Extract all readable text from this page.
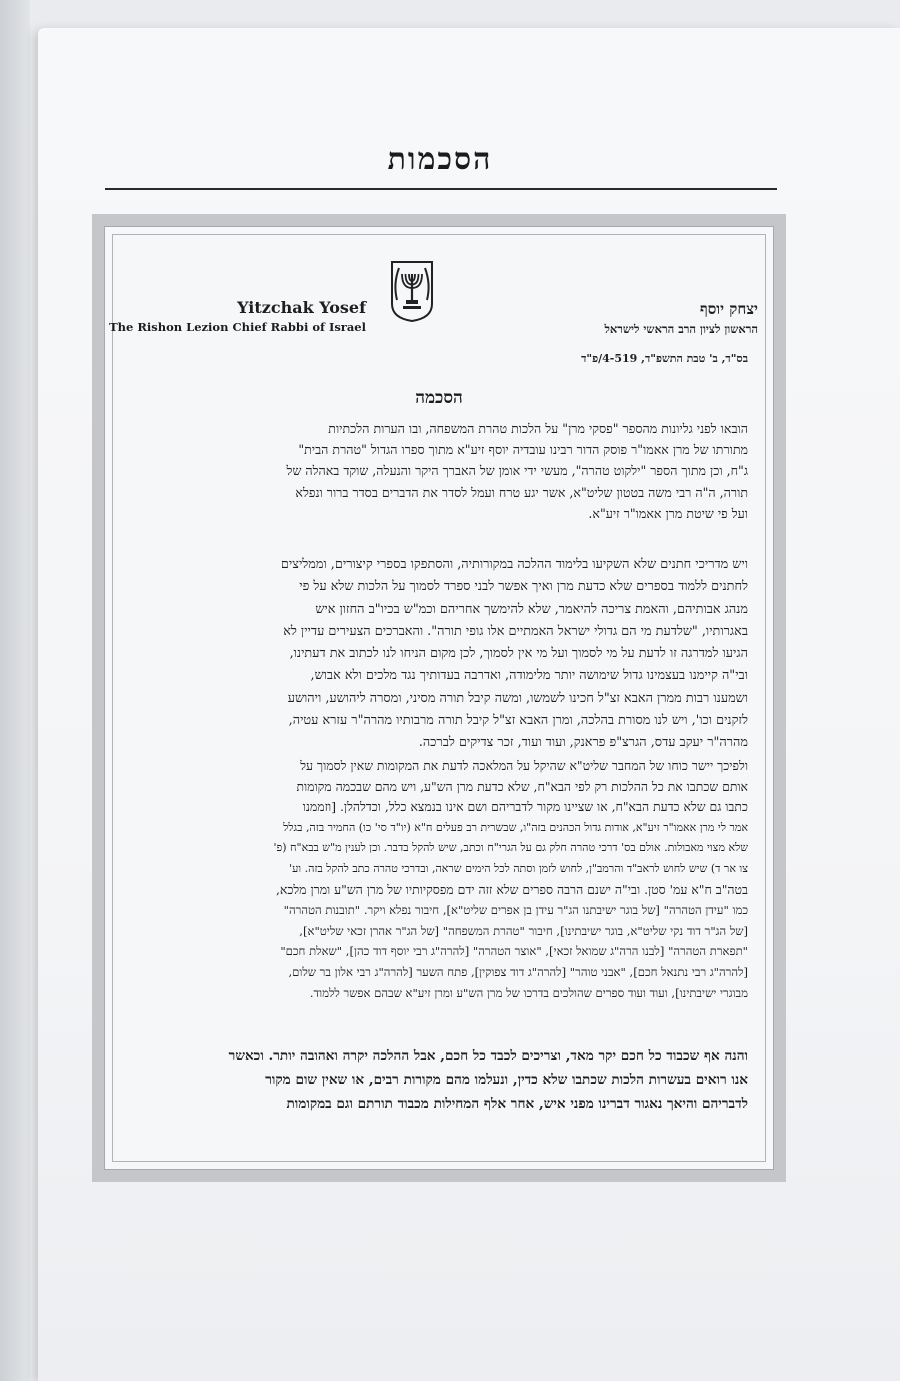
הסכמות
Yitzchak Yosef
The Rishon Lezion Chief Rabbi of Israel
יצחק יוסף
הראשון לציון הרב הראשי לישראל
בס"ד, ב' טבת התשפ"ד, 4-519/פ"ד
הסכמה
הובאו לפני גליונות מהספר "פסקי מרן" על הלכות טהרת המשפחה, ובו הערות הלכתיות
מתורתו של מרן אאמו"ר פוסק הדור רבינו עובדיה יוסף זיע"א מתוך ספרו הגדול "טהרת הבית"
ג"ח, וכן מתוך הספר "ילקוט טהרה", מעשי ידי אומן של האברך היקר והנעלה, שוקד באהלה של
תורה, ה"ה רבי משה בטטון שליט"א, אשר יגע טרח ועמל לסדר את הדברים בסדר ברור ונפלא
ועל פי שיטת מרן אאמו"ר זיע"א.
ויש מדריכי חתנים שלא השקיעו בלימוד ההלכה במקורותיה, והסתפקו בספרי קיצורים, וממליצים
לחתנים ללמוד בספרים שלא כדעת מרן ואיך אפשר לבני ספרד לסמוך על הלכות שלא על פי
מנהג אבותיהם, והאמת צריכה להיאמר, שלא להימשך אחריהם וכמ"ש בכיו"ב החזון איש
באגרותיו, "שלדעת מי הם גדולי ישראל האמתיים אלו גופי תורה". והאברכים הצעירים עדיין לא
הגיעו למדרגה זו לדעת על מי לסמוך ועל מי אין לסמוך, לכן מקום הניחו לנו לכתוב את דעתינו,
ובי"ה קיימנו בעצמינו גדול שימושה יותר מלימודה, ואדרבה בעדותיך נגד מלכים ולא אבוש,
ושמענו רבות ממרן האבא זצ"ל חכינו לשמשו, ומשה קיבל תורה מסיני, ומסרה ליהושע, ויהושע
לזקנים וכו', ויש לנו מסורת בהלכה, ומרן האבא זצ"ל קיבל תורה מרבותיו מהרה"ר עזרא עטיה,
מהרה"ר יעקב עדס, הגרצ"פ פראנק, ועוד ועוד, זכר צדיקים לברכה.
ולפיכך יישר כוחו של המחבר שליט"א שהיקל על המלאכה לדעת את המקומות שאין לסמוך על
אותם שכתבו את כל ההלכות רק לפי הבא"ח, שלא כדעת מרן הש"ע, ויש מהם שבכמה מקומות
כתבו גם שלא כדעת הבא"ח, או שציינו מקור לדבריהם ושם אינו בנמצא כלל, וכדלהלן. [וזממנו
אמר לי מרן אאמו"ר זיע"א, אודות גדול הכהנים בזה"ו, שבשרית רב פעלים ח"א (יו"ד סי' כו) החמיר בזה, בגלל
שלא מצוי מאבולות. אולם בס' דרכי טהרה חלק גם על הגרי"ח וכתב, שיש להקל בדבר. וכן לענין מ"ש בבא"ח (פ'
צו אר ד) שיש לחוש לראב"ד והרמב"ן, לחוש לזמן וסתה לכל הימים שראה, ובדרכי טהרה כתב להקל בזה. וע'
בטה"ב ח"א עמ' סטן. ובי"ה ישנם הרבה ספרים שלא זזה ידם מפסקיותיו של מרן הש"ע ומרן מלכא,
כמו "עידן הטהרה" [של בוגר ישיבתנו הג"ר עידן בן אפרים שליט"א], חיבור נפלא ויקר. "תובנות הטהרה"
[של הג"ר דוד נקי שליט"א, בוגר ישיבתינו], חיבור "טהרת המשפחה" [של הג"ר אהרן זכאי שליט"א],
"תפארת הטהרה" [לבנו הרה"ג שמואל זכאי], "אוצר הטהרה" [להרה"ג רבי יוסף דוד כהן], "שאלת חכם"
[להרה"ג רבי נתנאל חכם], "אבני טוהר" [להרה"ג דוד צפוקין], פתח השער [להרה"ג רבי אלון בר שלום,
מבוגרי ישיבתינו], ועוד ועוד ספרים שהולכים בדרכו של מרן הש"ע ומרן זיע"א שבהם אפשר ללמוד.
והנה אף שכבוד כל חכם יקר מאד, וצריכים לכבד כל חכם, אבל ההלכה יקרה ואהובה יותר. וכאשר
אנו רואים בעשרות הלכות שכתבו שלא כדין, ונעלמו מהם מקורות רבים, או שאין שום מקור
לדבריהם והיאך נאגור דברינו מפני איש, אחר אלף המחילות מכבוד תורתם וגם במקומות
